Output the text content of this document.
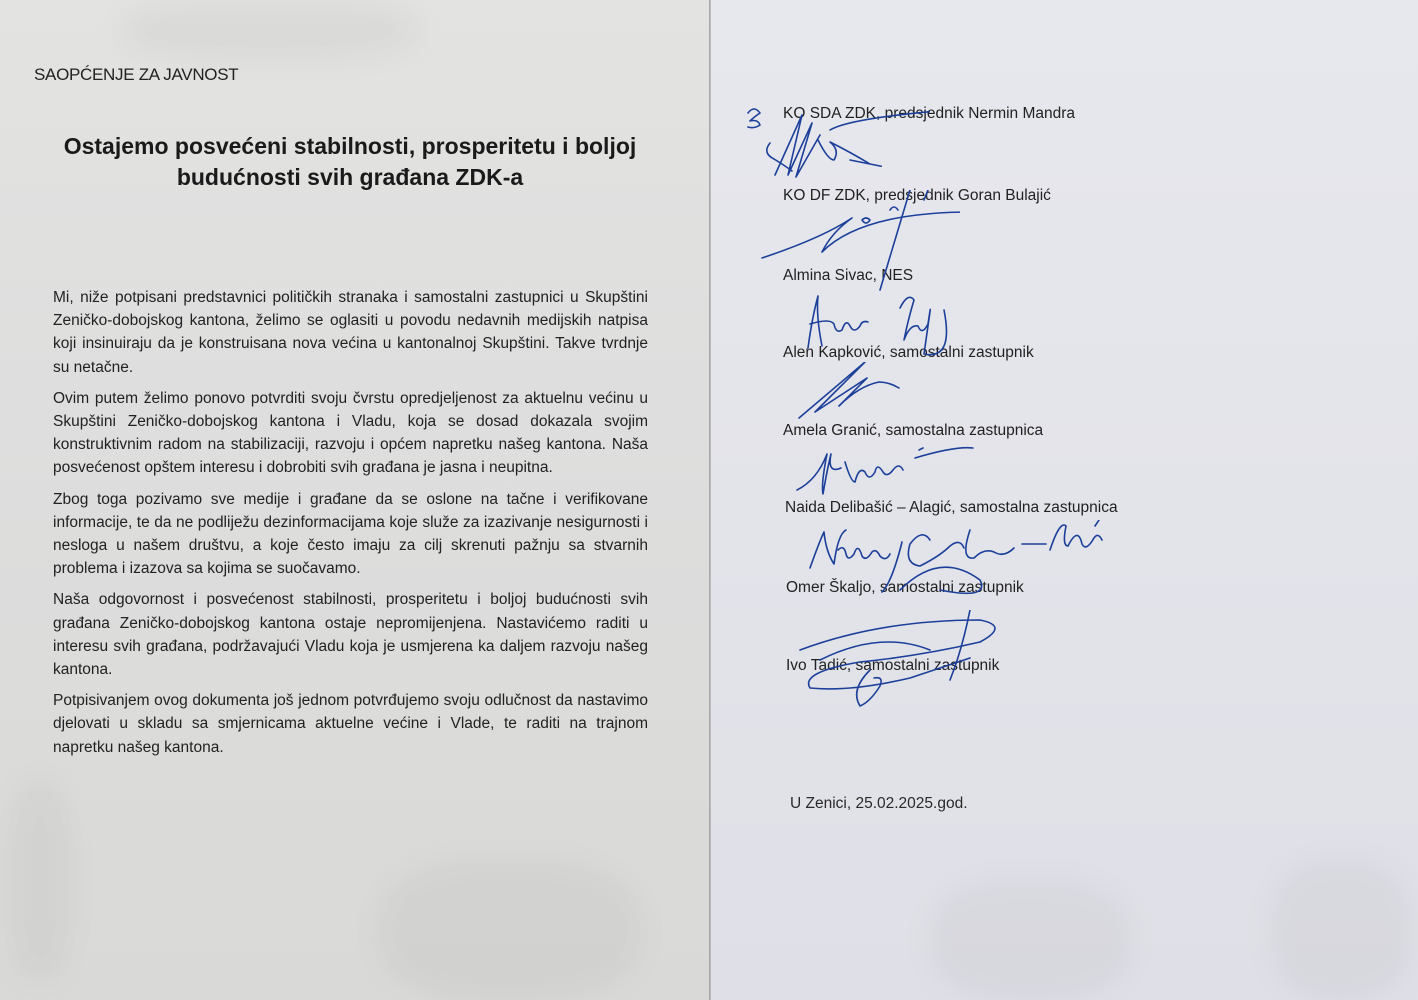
SAOPĆENJE ZA JAVNOST
Ostajemo posvećeni stabilnosti, prosperitetu i boljoj budućnosti svih građana ZDK-a

Mi, niže potpisani predstavnici političkih stranaka i samostalni zastupnici u Skupštini Zeničko-dobojskog kantona, želimo se oglasiti u povodu nedavnih medijskih natpisa koji insinuiraju da je konstruisana nova većina u kantonalnoj Skupštini. Takve tvrdnje su netačne.

Ovim putem želimo ponovo potvrditi svoju čvrstu opredjeljenost za aktuelnu većinu u Skupštini Zeničko-dobojskog kantona i Vladu, koja se dosad dokazala svojim konstruktivnim radom na stabilizaciji, razvoju i općem napretku našeg kantona. Naša posvećenost opštem interesu i dobrobiti svih građana je jasna i neupitna.

Zbog toga pozivamo sve medije i građane da se oslone na tačne i verifikovane informacije, te da ne podliježu dezinformacijama koje služe za izazivanje nesigurnosti i nesloga u našem društvu, a koje često imaju za cilj skrenuti pažnju sa stvarnih problema i izazova sa kojima se suočavamo.

Naša odgovornost i posvećenost stabilnosti, prosperitetu i boljoj budućnosti svih građana Zeničko-dobojskog kantona ostaje nepromijenjena. Nastavićemo raditi u interesu svih građana, podržavajući Vladu koja je usmjerena ka daljem razvoju našeg kantona.

Potpisivanjem ovog dokumenta još jednom potvrđujemo svoju odlučnost da nastavimo djelovati u skladu sa smjernicama aktuelne većine i Vlade, te raditi na trajnom napretku našeg kantona.

KO SDA ZDK, predsjednik Nermin Mandra
KO DF ZDK, predsjednik Goran Bulajić
Almina Sivac, NES
Alen Kapković, samostalni zastupnik
Amela Granić, samostalna zastupnica
Naida Delibašić – Alagić, samostalna zastupnica
Omer Škaljo, samostalni zastupnik
Ivo Tadić, samostalni zastupnik
U Zenici, 25.02.2025.god.
